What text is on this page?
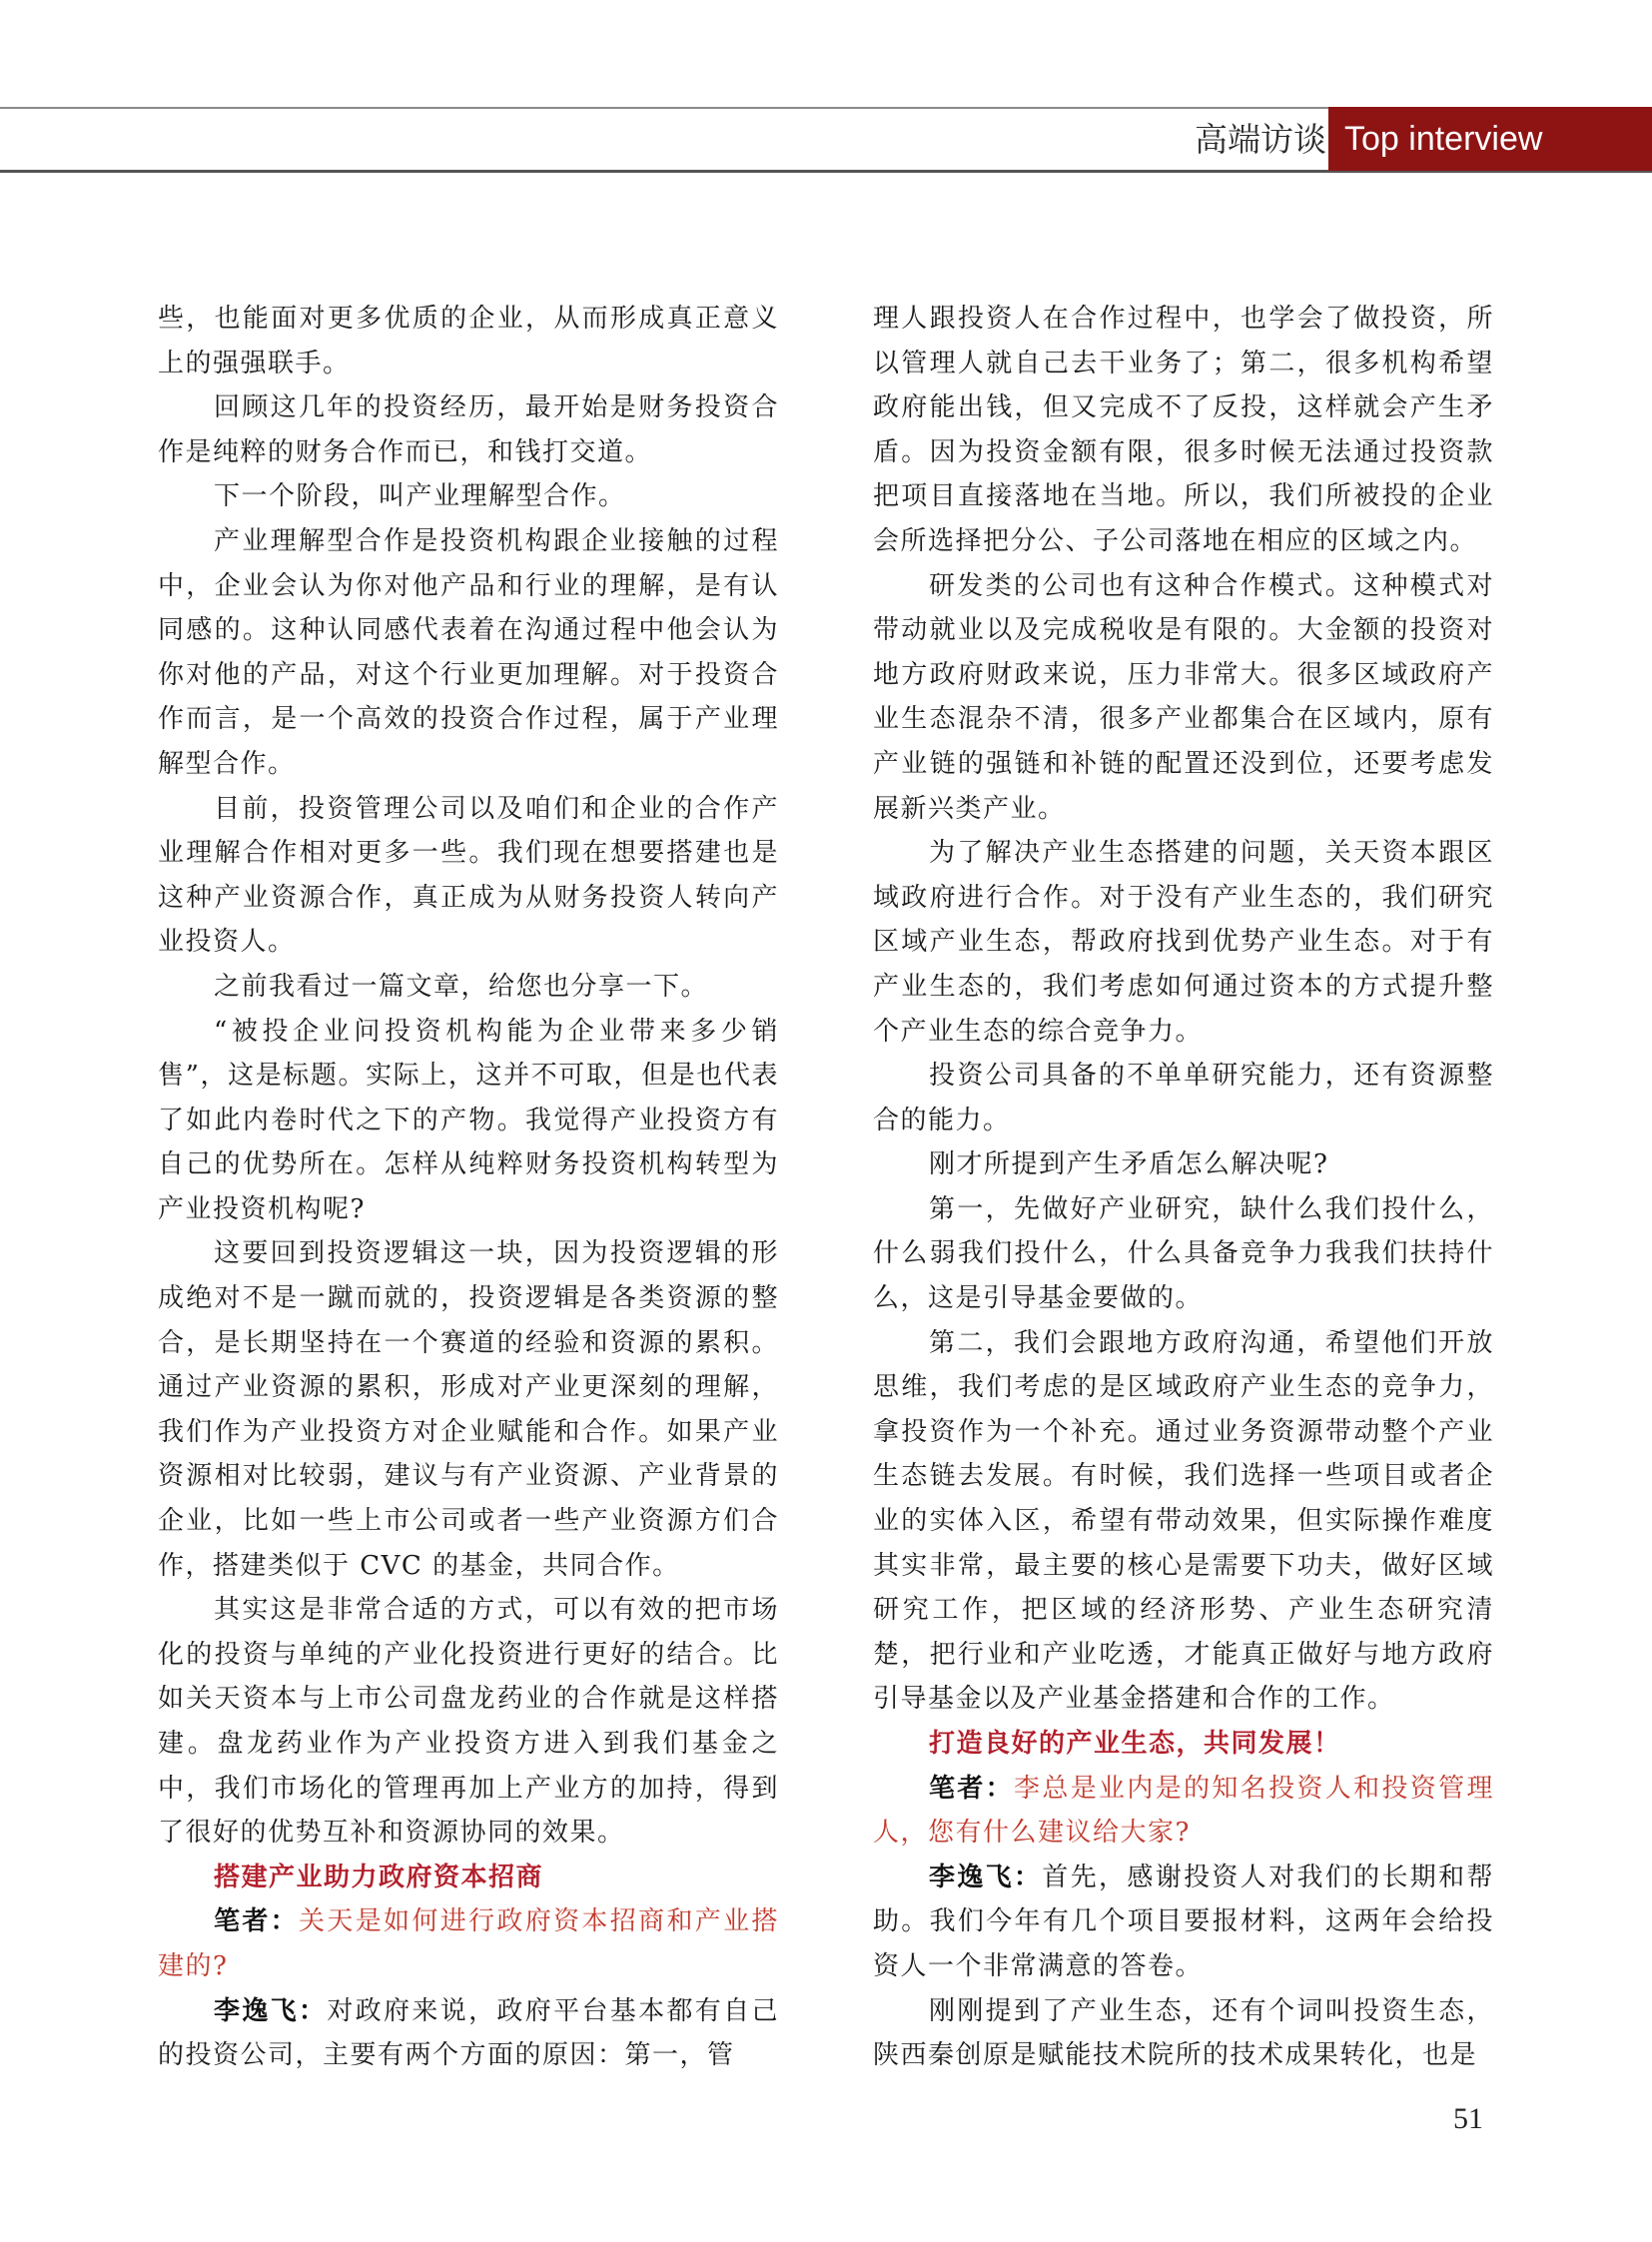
高端访谈 Top interview

些，也能面对更多优质的企业，从而形成真正意义上的强强联手。

回顾这几年的投资经历，最开始是财务投资合作是纯粹的财务合作而已，和钱打交道。

下一个阶段，叫产业理解型合作。

产业理解型合作是投资机构跟企业接触的过程中，企业会认为你对他产品和行业的理解，是有认同感的。这种认同感代表着在沟通过程中他会认为你对他的产品，对这个行业更加理解。对于投资合作而言，是一个高效的投资合作过程，属于产业理解型合作。

目前，投资管理公司以及咱们和企业的合作产业理解合作相对更多一些。我们现在想要搭建也是这种产业资源合作，真正成为从财务投资人转向产业投资人。

之前我看过一篇文章，给您也分享一下。

“被投企业问投资机构能为企业带来多少销售”，这是标题。实际上，这并不可取，但是也代表了如此内卷时代之下的产物。我觉得产业投资方有自己的优势所在。怎样从纯粹财务投资机构转型为产业投资机构呢?

这要回到投资逻辑这一块，因为投资逻辑的形成绝对不是一蹴而就的，投资逻辑是各类资源的整合，是长期坚持在一个赛道的经验和资源的累积。通过产业资源的累积，形成对产业更深刻的理解，我们作为产业投资方对企业赋能和合作。如果产业资源相对比较弱，建议与有产业资源、产业背景的企业，比如一些上市公司或者一些产业资源方们合作，搭建类似于 CVC 的基金，共同合作。

其实这是非常合适的方式，可以有效的把市场化的投资与单纯的产业化投资进行更好的结合。比如关天资本与上市公司盘龙药业的合作就是这样搭建。盘龙药业作为产业投资方进入到我们基金之中，我们市场化的管理再加上产业方的加持，得到了很好的优势互补和资源协同的效果。

搭建产业助力政府资本招商

笔者：关天是如何进行政府资本招商和产业搭建的?

李逸飞：对政府来说，政府平台基本都有自己的投资公司，主要有两个方面的原因：第一，管

理人跟投资人在合作过程中，也学会了做投资，所以管理人就自己去干业务了；第二，很多机构希望政府能出钱，但又完成不了反投，这样就会产生矛盾。因为投资金额有限，很多时候无法通过投资款把项目直接落地在当地。所以，我们所被投的企业会所选择把分公、子公司落地在相应的区域之内。

研发类的公司也有这种合作模式。这种模式对带动就业以及完成税收是有限的。大金额的投资对地方政府财政来说，压力非常大。很多区域政府产业生态混杂不清，很多产业都集合在区域内，原有产业链的强链和补链的配置还没到位，还要考虑发展新兴类产业。

为了解决产业生态搭建的问题，关天资本跟区域政府进行合作。对于没有产业生态的，我们研究区域产业生态，帮政府找到优势产业生态。对于有产业生态的，我们考虑如何通过资本的方式提升整个产业生态的综合竞争力。

投资公司具备的不单单研究能力，还有资源整合的能力。

刚才所提到产生矛盾怎么解决呢?

第一，先做好产业研究，缺什么我们投什么，什么弱我们投什么，什么具备竞争力我我们扶持什么，这是引导基金要做的。

第二，我们会跟地方政府沟通，希望他们开放思维，我们考虑的是区域政府产业生态的竞争力，拿投资作为一个补充。通过业务资源带动整个产业生态链去发展。有时候，我们选择一些项目或者企业的实体入区，希望有带动效果，但实际操作难度其实非常，最主要的核心是需要下功夫，做好区域研究工作，把区域的经济形势、产业生态研究清楚，把行业和产业吃透，才能真正做好与地方政府引导基金以及产业基金搭建和合作的工作。

打造良好的产业生态，共同发展！

笔者：李总是业内是的知名投资人和投资管理人，您有什么建议给大家?

李逸飞：首先，感谢投资人对我们的长期和帮助。我们今年有几个项目要报材料，这两年会给投资人一个非常满意的答卷。

刚刚提到了产业生态，还有个词叫投资生态，陕西秦创原是赋能技术院所的技术成果转化，也是

51
